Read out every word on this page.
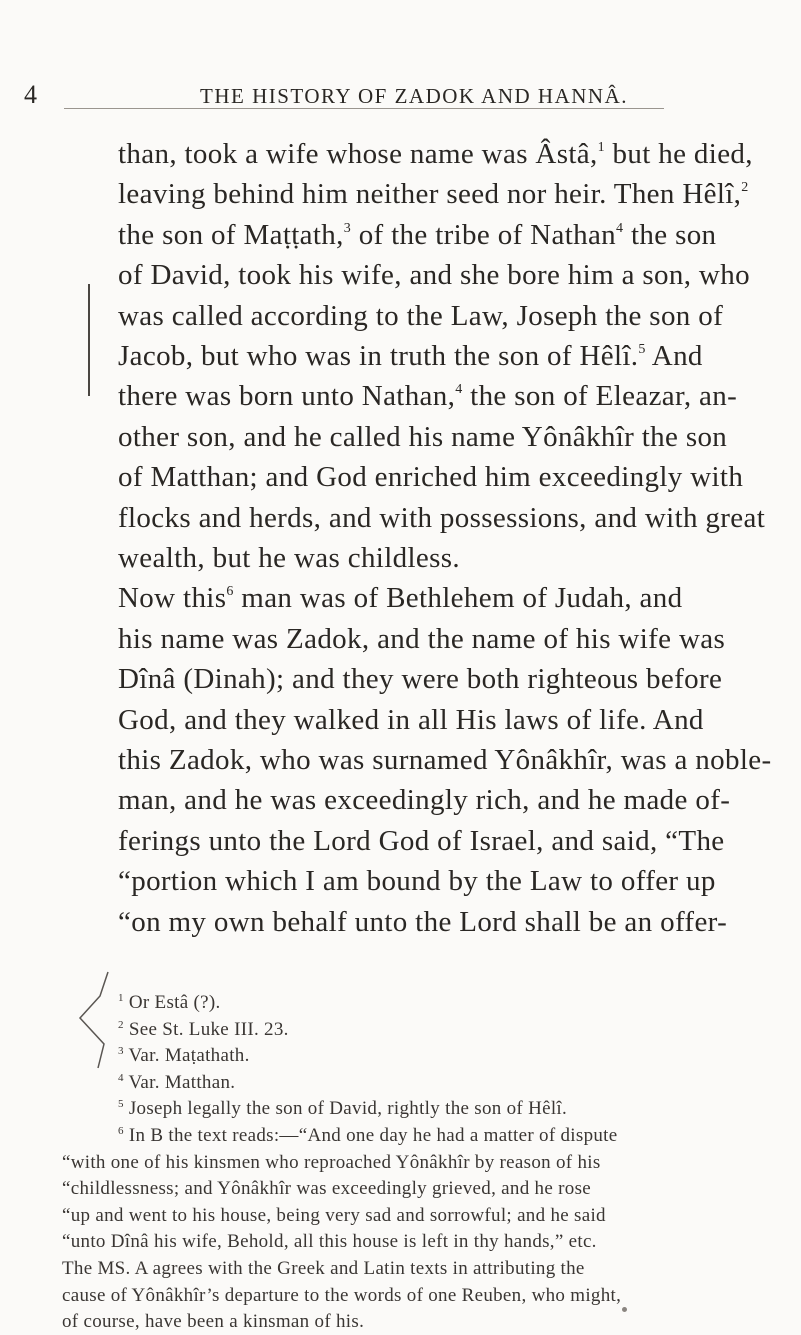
4	THE HISTORY OF ZADOK AND HANNÂ.
than, took a wife whose name was Âstâ,$^1$ but he died,
leaving behind him neither seed nor heir. Then Hêlî,$^2$
the son of Maṭṭath,$^3$ of the tribe of Nathan$^4$ the son
of David, took his wife, and she bore him a son, who
was called according to the Law, Joseph the son of
Jacob, but who was in truth the son of Hêlî.$^5$ And
there was born unto Nathan,$^4$ the son of Eleazar, an-
other son, and he called his name Yônâkhîr the son
of Matthan; and God enriched him exceedingly with
flocks and herds, and with possessions, and with great
wealth, but he was childless.
Now this$^6$ man was of Bethlehem of Judah, and
his name was Zadok, and the name of his wife was
Dînâ (Dinah); and they were both righteous before
God, and they walked in all His laws of life. And
this Zadok, who was surnamed Yônâkhîr, was a noble-
man, and he was exceedingly rich, and he made of-
ferings unto the Lord God of Israel, and said, “The
“portion which I am bound by the Law to offer up
“on my own behalf unto the Lord shall be an offer-
$^1$ Or Estâ (?).
$^2$ See St. Luke III. 23.
$^3$ Var. Maṭathath.
$^4$ Var. Matthan.
$^5$ Joseph legally the son of David, rightly the son of Hêlî.
$^6$ In B the text reads:—“And one day he had a matter of dispute
“with one of his kinsmen who reproached Yônâkhîr by reason of his
“childlessness; and Yônâkhîr was exceedingly grieved, and he rose
“up and went to his house, being very sad and sorrowful; and he said
“unto Dînâ his wife, Behold, all this house is left in thy hands,” etc.
The MS. A agrees with the Greek and Latin texts in attributing the
cause of Yônâkhîr’s departure to the words of one Reuben, who might,
of course, have been a kinsman of his.
